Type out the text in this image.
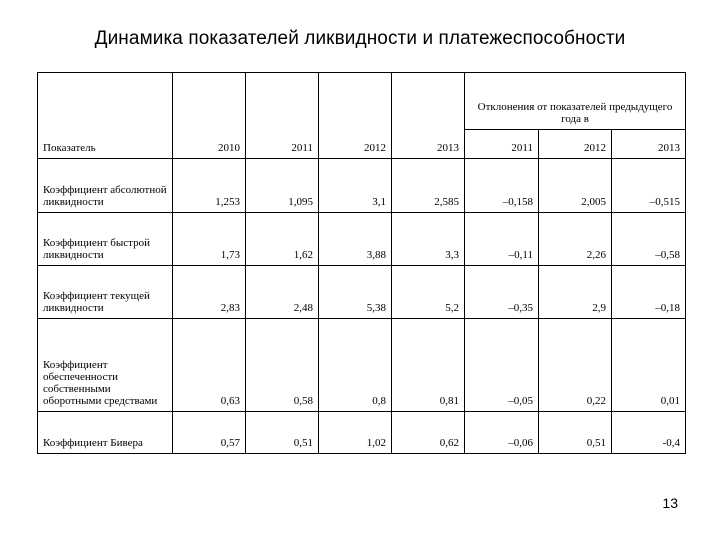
Динамика показателей ликвидности и платежеспособности
Показатель	2010	2011	2012	2013	Отклонения от показателей предыдущего года в		
					2011	2012	2013
Коэффициент абсолютной ликвидности	1,253	1,095	3,1	2,585	–0,158	2,005	–0,515
Коэффициент быстрой ликвидности	1,73	1,62	3,88	3,3	–0,11	2,26	–0,58
Коэффициент текущей ликвидности	2,83	2,48	5,38	5,2	–0,35	2,9	–0,18
Коэффициент обеспеченности собственными оборотными средствами	0,63	0,58	0,8	0,81	–0,05	0,22	0,01
Коэффициент Бивера	0,57	0,51	1,02	0,62	–0,06	0,51	-0,4
13
